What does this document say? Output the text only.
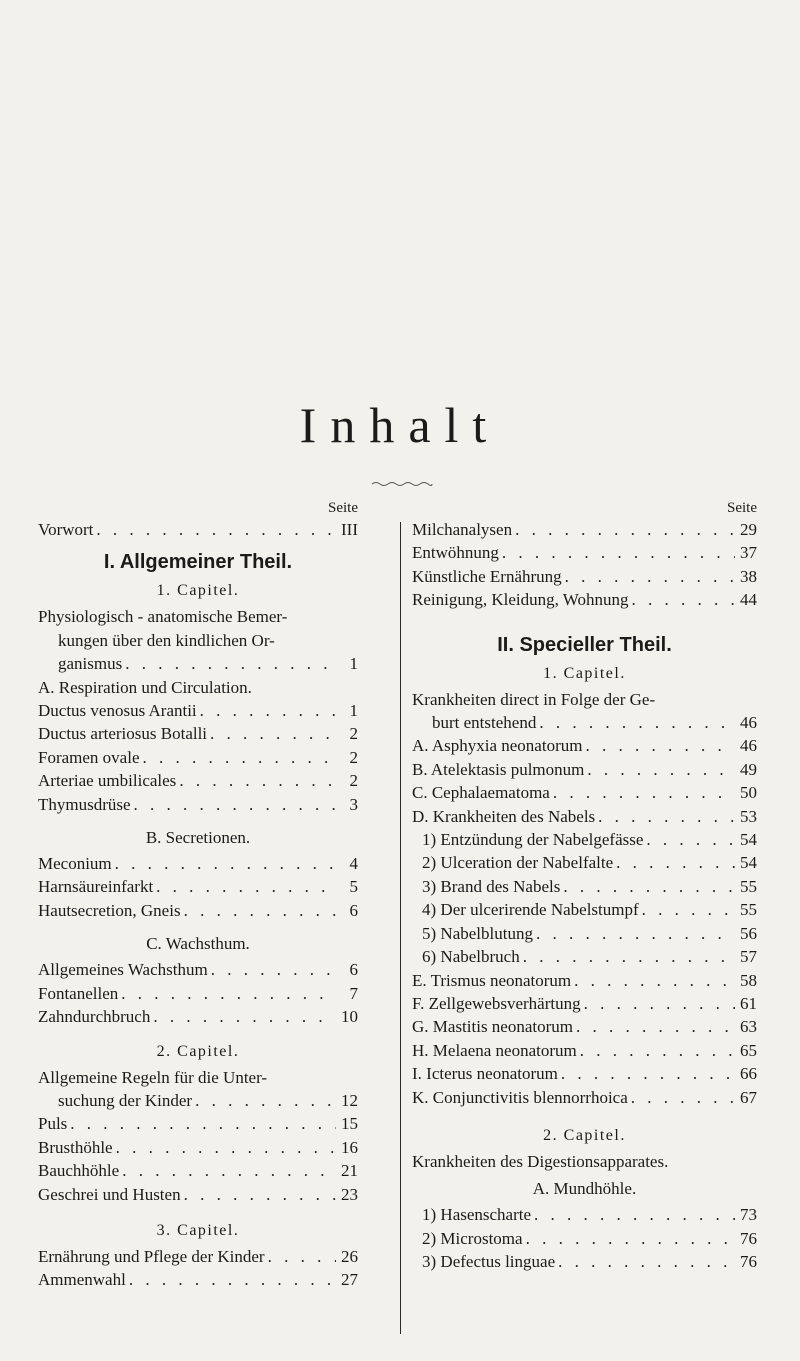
Inhalt
Seite
Vorwort . . .	III
I. Allgemeiner Theil.
1. Capitel.
Physiologisch - anatomische Bemer-
kungen über den kindlichen Or-
ganismus . . .	1
A. Respiration und Circulation.
Ductus venosus Arantii . . .	1
Ductus arteriosus Botalli . . .	2
Foramen ovale . . .	2
Arteriae umbilicales . . .	2
Thymusdrüse . . .	3
B. Secretionen.
Meconium . . .	4
Harnsäureinfarkt . . .	5
Hautsecretion, Gneis . . .	6
C. Wachsthum.
Allgemeines Wachsthum . . .	6
Fontanellen . . .	7
Zahndurchbruch . . .	10
2. Capitel.
Allgemeine Regeln für die Unter-
suchung der Kinder . . .	12
Puls . . .	15
Brusthöhle . . .	16
Bauchhöhle . . .	21
Geschrei und Husten . . .	23
3. Capitel.
Ernährung und Pflege der Kinder . . .	26
Ammenwahl . . .	27
Seite
Milchanalysen . . .	29
Entwöhnung . . .	37
Künstliche Ernährung . . .	38
Reinigung, Kleidung, Wohnung . . .	44
II. Specieller Theil.
1. Capitel.
Krankheiten direct in Folge der Ge-
burt entstehend . . .	46
A. Asphyxia neonatorum . . .	46
B. Atelektasis pulmonum . . .	49
C. Cephalaematoma . . .	50
D. Krankheiten des Nabels . . .	53
1) Entzündung der Nabelgefässe . . .	54
2) Ulceration der Nabelfalte . . .	54
3) Brand des Nabels . . .	55
4) Der ulcerirende Nabelstumpf . . .	55
5) Nabelblutung . . .	56
6) Nabelbruch . . .	57
E. Trismus neonatorum . . .	58
F. Zellgewebsverhärtung . . .	61
G. Mastitis neonatorum . . .	63
H. Melaena neonatorum . . .	65
I. Icterus neonatorum . . .	66
K. Conjunctivitis blennorrhoica . . .	67
2. Capitel.
Krankheiten des Digestionsapparates.
A. Mundhöhle.
1) Hasenscharte . . .	73
2) Microstoma . . .	76
3) Defectus linguae . . .	76
